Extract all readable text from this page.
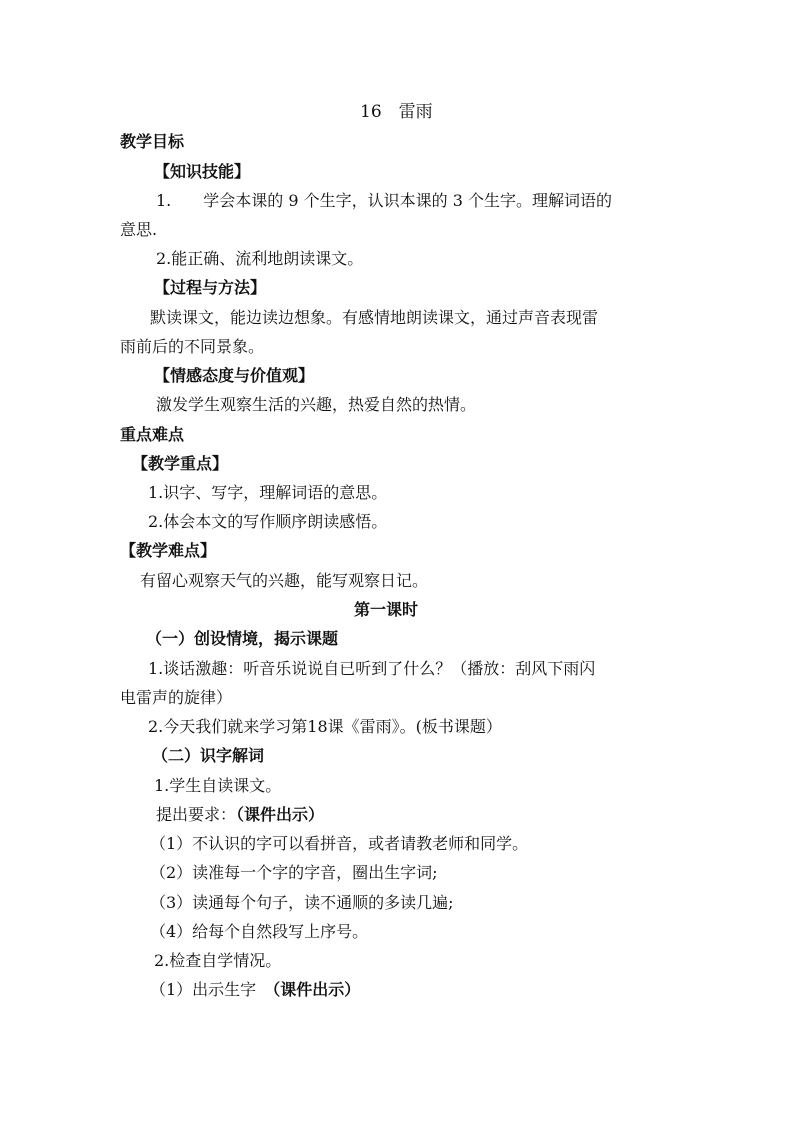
16　雷雨
教学目标
【知识技能】
1.　　学会本课的 9 个生字，认识本课的 3 个生字。理解词语的
意思.
2.能正确、流利地朗读课文。
【过程与方法】
默读课文，能边读边想象。有感情地朗读课文，通过声音表现雷
雨前后的不同景象。
【情感态度与价值观】
激发学生观察生活的兴趣，热爱自然的热情。
重点难点
【教学重点】
1.识字、写字，理解词语的意思。
2.体会本文的写作顺序朗读感悟。
【教学难点】
有留心观察天气的兴趣，能写观察日记。
第一课时
（一）创设情境，揭示课题
1.谈话激趣：听音乐说说自已听到了什么？（播放：刮风下雨闪
电雷声的旋律）
2.今天我们就来学习第18课《雷雨》。(板书课题）
（二）识字解词
1.学生自读课文。
提出要求：（课件出示）
（1）不认识的字可以看拼音，或者请教老师和同学。
（2）读准每一个字的字音，圈出生字词;
（3）读通每个句子，读不通顺的多读几遍;
（4）给每个自然段写上序号。
2.检查自学情况。
（1）出示生字　（课件出示）
